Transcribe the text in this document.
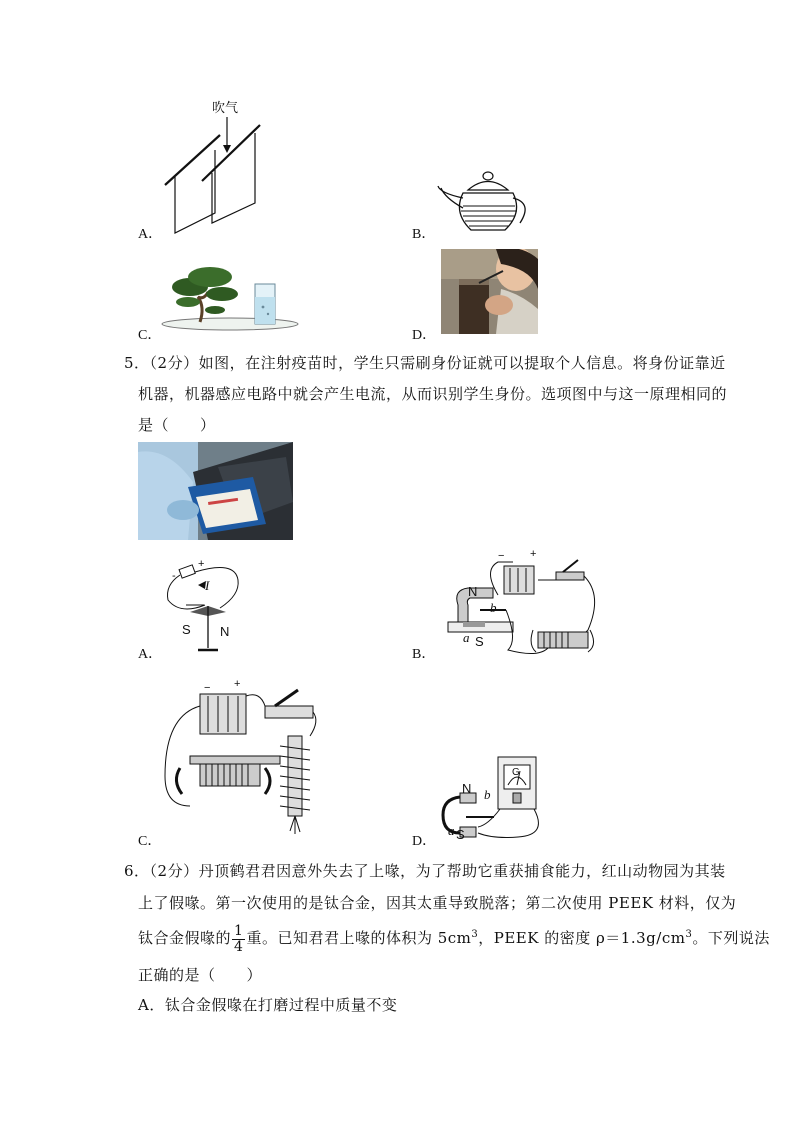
吹气
A．	B．
C．	D．
5．（2分）如图，在注射疫苗时，学生只需刷身份证就可以提取个人信息。将身份证靠近
机器，机器感应电路中就会产生电流，从而识别学生身份。选项图中与这一原理相同的
是（　　）
+
-
I
S N
A．
− +
N
b
a S
B．
− +
C．
N b
a S
G
D．
6．（2分）丹顶鹤君君因意外失去了上喙，为了帮助它重获捕食能力，红山动物园为其装
上了假喙。第一次使用的是钛合金，因其太重导致脱落；第二次使用 PEEK 材料，仅为
钛合金假喙的 $\frac{1}{4}$ 重。已知君君上喙的体积为 $5cm^3$，PEEK 的密度 $\rho=1.3g/cm^3$。下列说法
正确的是（　　）
A．钛合金假喙在打磨过程中质量不变
